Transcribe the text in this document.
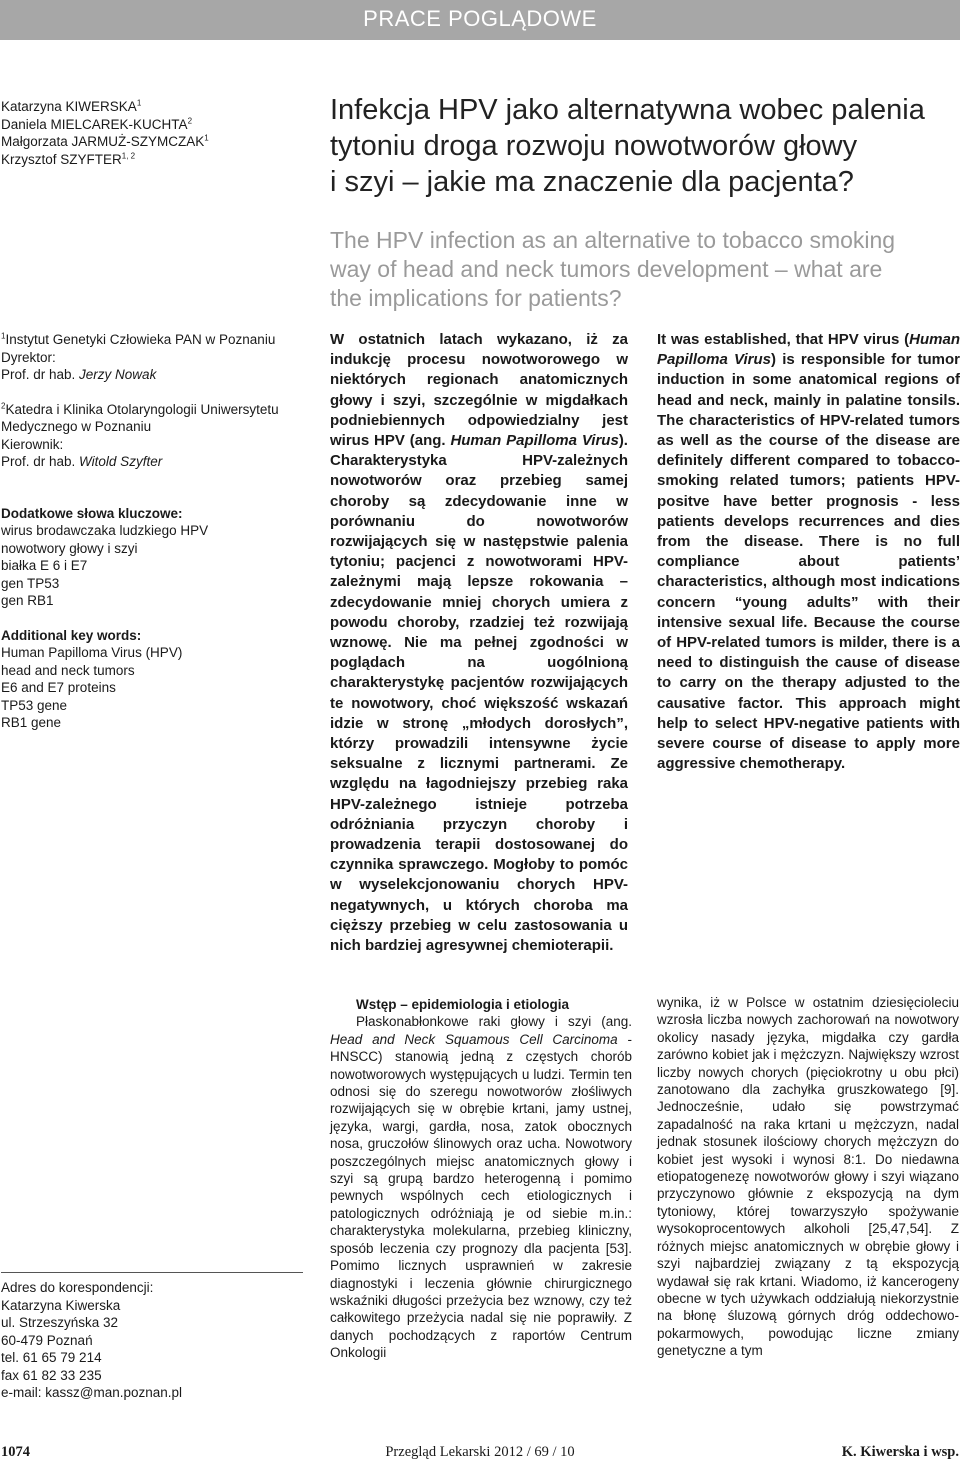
PRACE POGLĄDOWE
Katarzyna KIWERSKA$^1$
Daniela MIELCAREK-KUCHTA$^2$
Małgorzata JARMUŻ-SZYMCZAK$^1$
Krzysztof SZYFTER$^{1, 2}$
Infekcja HPV jako alternatywna wobec palenia
tytoniu droga rozwoju nowotworów głowy
i szyi – jakie ma znaczenie dla pacjenta?
The HPV infection as an alternative to tobacco smoking
way of head and neck tumors development – what are
the implications for patients?
$^1$Instytut Genetyki Człowieka PAN w Poznaniu
Dyrektor:
Prof. dr hab. Jerzy Nowak
$^2$Katedra i Klinika Otolaryngologii Uniwersytetu
Medycznego w Poznaniu
Kierownik:
Prof. dr hab. Witold Szyfter
Dodatkowe słowa kluczowe:
wirus brodawczaka ludzkiego HPV
nowotwory głowy i szyi
białka E 6 i E7
gen TP53
gen RB1
Additional key words:
Human Papilloma Virus (HPV)
head and neck tumors
E6 and E7 proteins
TP53 gene
RB1 gene

W ostatnich latach wykazano, iż za indukcję procesu nowotworowego w niektórych regionach anatomicznych głowy i szyi, szczególnie w migdałkach podniebiennych odpowiedzialny jest wirus HPV (ang. Human Papilloma Virus). Charakterystyka HPV-zależnych nowotworów oraz przebieg samej choroby są zdecydowanie inne w porównaniu do nowotworów rozwijających się w następstwie palenia tytoniu; pacjenci z nowotworami HPV-zależnymi mają lepsze rokowania – zdecydowanie mniej chorych umiera z powodu choroby, rzadziej też rozwijają wznowę. Nie ma pełnej zgodności w poglądach na uogólnioną charakterystykę pacjentów rozwijających te nowotwory, choć większość wskazań idzie w stronę „młodych dorosłych”, którzy prowadzili intensywne życie seksualne z licznymi partnerami. Ze względu na łagodniejszy przebieg raka HPV-zależnego istnieje potrzeba odróżniania przyczyn choroby i prowadzenia terapii dostosowanej do czynnika sprawczego. Mogłoby to pomóc w wyselekcjonowaniu chorych HPV-negatywnych, u których choroba ma cięższy przebieg w celu zastosowania u nich bardziej agresywnej chemioterapii.

It was established, that HPV virus (Human Papilloma Virus) is responsible for tumor induction in some anatomical regions of head and neck, mainly in palatine tonsils. The characteristics of HPV-related tumors as well as the course of the disease are definitely different compared to tobacco-smoking related tumors; patients HPV-positve have better prognosis - less patients develops recurrences and dies from the disease. There is no full compliance about patients’ characteristics, although most indications concern “young adults” with their intensive sexual life. Because the course of HPV-related tumors is milder, there is a need to distinguish the cause of disease to carry on the therapy adjusted to the causative factor. This approach might help to select HPV-negative patients with severe course of disease to apply more aggressive chemotherapy.

Adres do korespondencji:
Katarzyna Kiwerska
ul. Strzeszyńska 32
60-479 Poznań
tel. 61 65 79 214
fax 61 82 33 235
e-mail: kassz@man.poznan.pl

Wstęp – epidemiologia i etiologia

Płaskonabłonkowe raki głowy i szyi (ang. Head and Neck Squamous Cell Carcinoma - HNSCC) stanowią jedną z częstych chorób nowotworowych występujących u ludzi. Termin ten odnosi się do szeregu nowotworów złośliwych rozwijających się w obrębie krtani, jamy ustnej, języka, wargi, gardła, nosa, zatok obocznych nosa, gruczołów ślinowych oraz ucha. Nowotwory poszczególnych miejsc anatomicznych głowy i szyi są grupą bardzo heterogenną i pomimo pewnych wspólnych cech etiologicznych i patologicznych odróżniają je od siebie m.in.: charakterystyka molekularna, przebieg kliniczny, sposób leczenia czy prognozy dla pacjenta [53]. Pomimo licznych usprawnień w zakresie diagnostyki i leczenia głównie chirurgicznego wskaźniki długości przeżycia bez wznowy, czy też całkowitego przeżycia nadal się nie poprawiły. Z danych pochodzących z raportów Centrum Onkologii

wynika, iż w Polsce w ostatnim dziesięcioleciu wzrosła liczba nowych zachorowań na nowotwory okolicy nasady języka, migdałka czy gardła zarówno kobiet jak i mężczyzn. Największy wzrost liczby nowych chorych (pięciokrotny u obu płci) zanotowano dla zachyłka gruszkowatego [9]. Jednocześnie, udało się powstrzymać zapadalność na raka krtani u mężczyzn, nadal jednak stosunek ilościowy chorych mężczyzn do kobiet jest wysoki i wynosi 8:1. Do niedawna etiopatogenezę nowotworów głowy i szyi wiązano przyczynowo głównie z ekspozycją na dym tytoniowy, której towarzyszyło spożywanie wysokoprocentowych alkoholi [25,47,54]. Z różnych miejsc anatomicznych w obrębie głowy i szyi najbardziej związany z tą ekspozycją wydawał się rak krtani. Wiadomo, iż kancerogeny obecne w tych używkach oddziałują niekorzystnie na błonę śluzową górnych dróg oddechowo-pokarmowych, powodując liczne zmiany genetyczne a tym

1074	Przegląd Lekarski 2012 / 69 / 10	K. Kiwerska i wsp.
